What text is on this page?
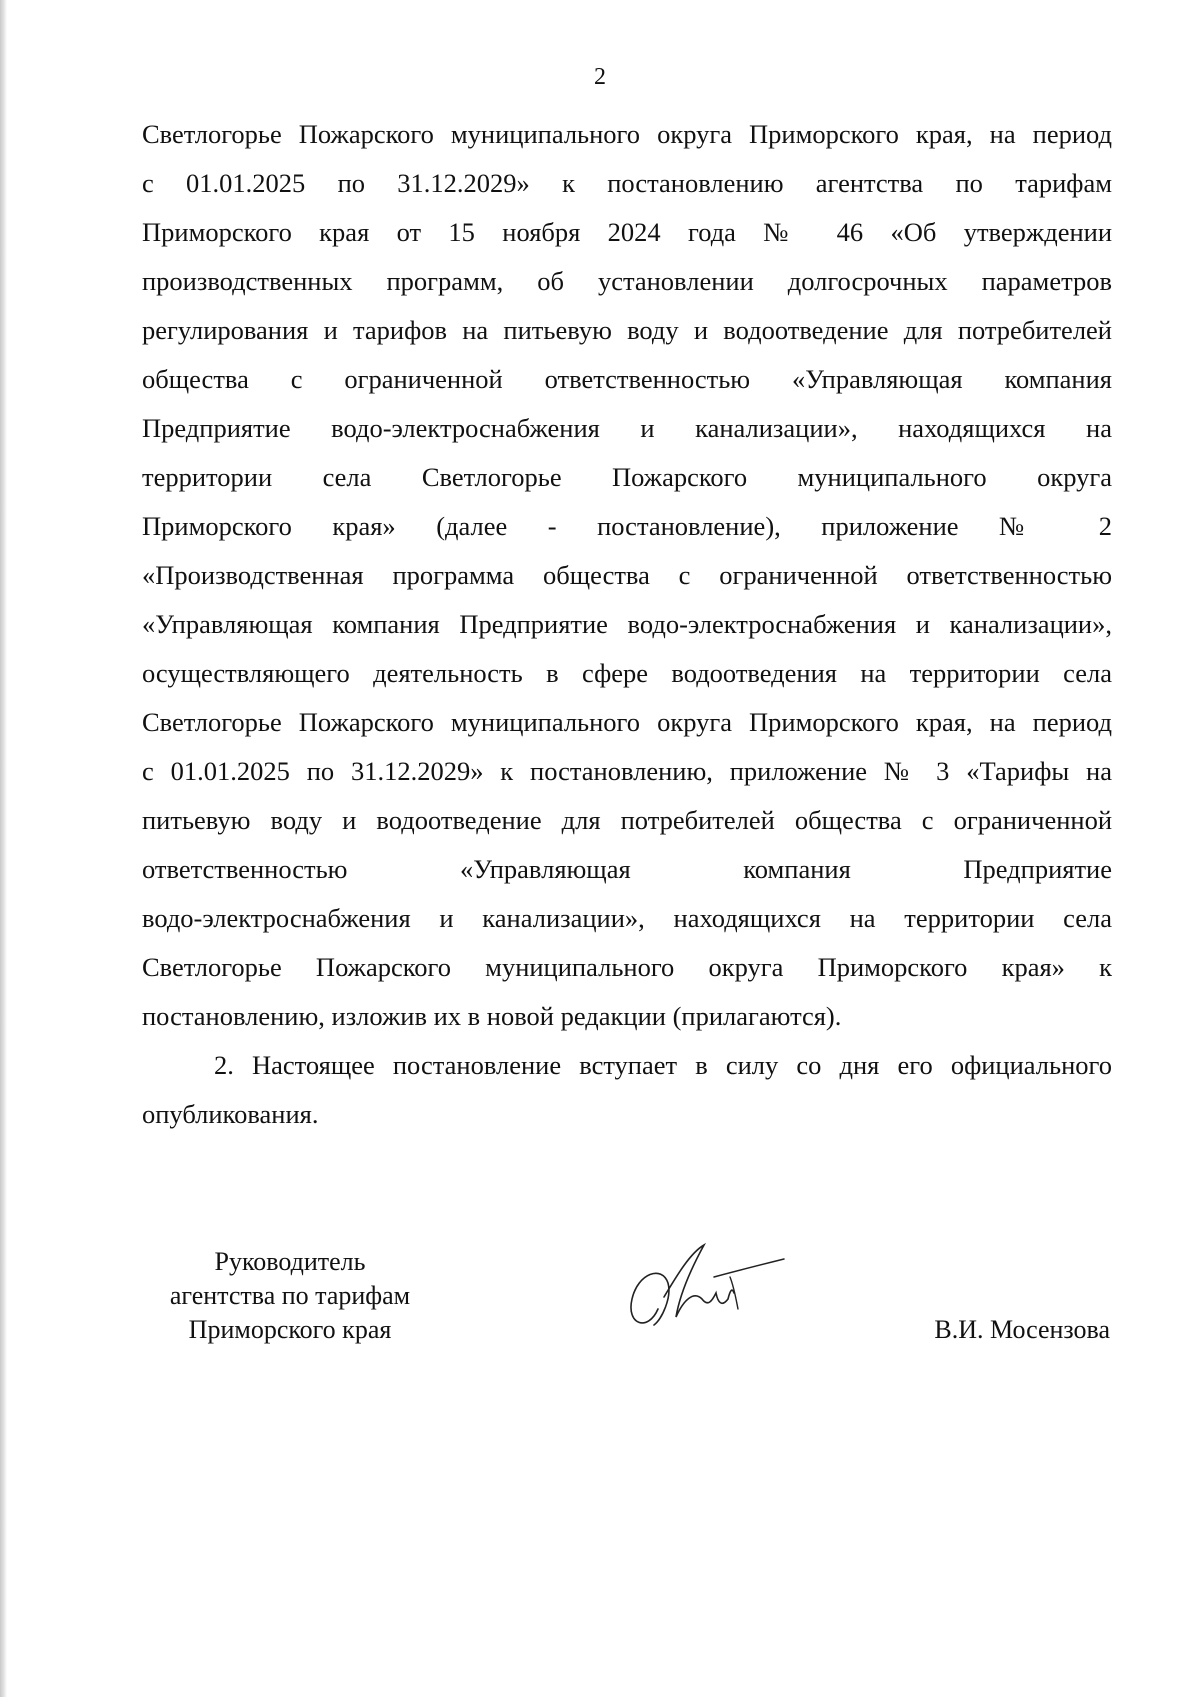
2
Светлогорье Пожарского муниципального округа Приморского края, на период
с 01.01.2025 по 31.12.2029» к постановлению агентства по тарифам
Приморского края от 15 ноября 2024 года № 46 «Об утверждении
производственных программ, об установлении долгосрочных параметров
регулирования и тарифов на питьевую воду и водоотведение для потребителей
общества с ограниченной ответственностью «Управляющая компания
Предприятие водо-электроснабжения и канализации», находящихся на
территории села Светлогорье Пожарского муниципального округа
Приморского края» (далее - постановление), приложение № 2
«Производственная программа общества с ограниченной ответственностью
«Управляющая компания Предприятие водо-электроснабжения и канализации»,
осуществляющего деятельность в сфере водоотведения на территории села
Светлогорье Пожарского муниципального округа Приморского края, на период
с 01.01.2025 по 31.12.2029» к постановлению, приложение № 3 «Тарифы на
питьевую воду и водоотведение для потребителей общества с ограниченной
ответственностью «Управляющая компания Предприятие
водо-электроснабжения и канализации», находящихся на территории села
Светлогорье Пожарского муниципального округа Приморского края» к
постановлению, изложив их в новой редакции (прилагаются).
2. Настоящее постановление вступает в силу со дня его официального
опубликования.
Руководитель
агентства по тарифам
Приморского края	В.И. Мосензова
